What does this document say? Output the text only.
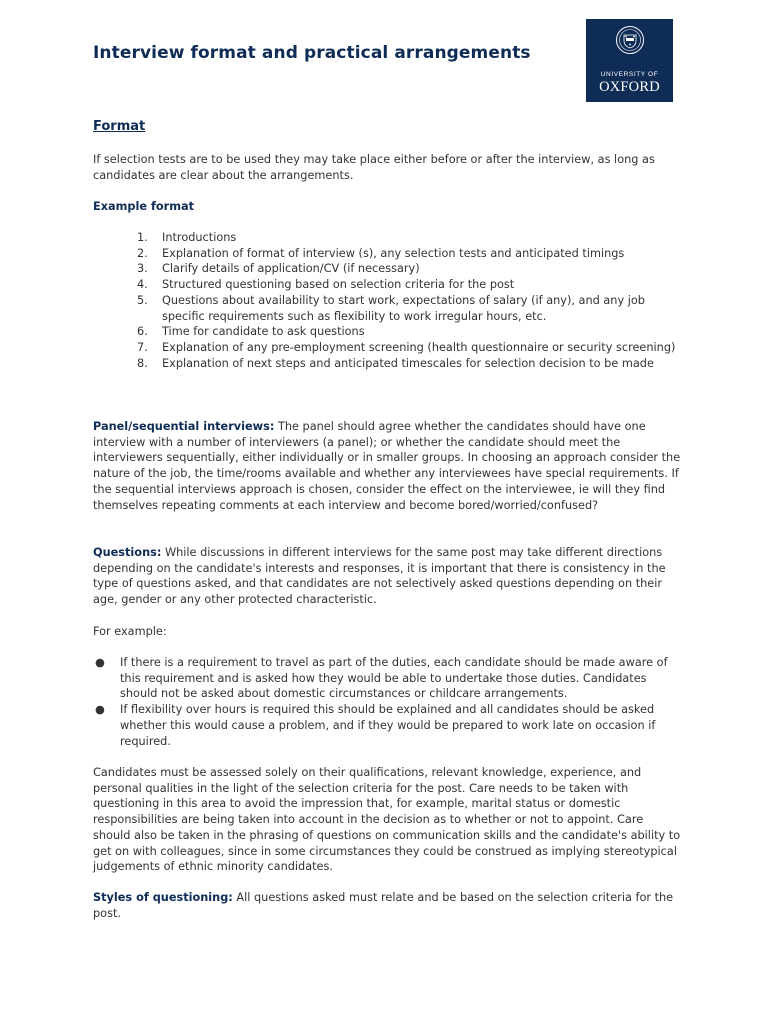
Interview format and practical arrangements
UNIVERSITY OF
OXFORD
Format

If selection tests are to be used they may take place either before or after the interview, as long as candidates are clear about the arrangements.

Example format
1. Introductions
2. Explanation of format of interview (s), any selection tests and anticipated timings
3. Clarify details of application/CV (if necessary)
4. Structured questioning based on selection criteria for the post
5. Questions about availability to start work, expectations of salary (if any), and any job specific requirements such as flexibility to work irregular hours, etc.
6. Time for candidate to ask questions
7. Explanation of any pre-employment screening (health questionnaire or security screening)
8. Explanation of next steps and anticipated timescales for selection decision to be made

Panel/sequential interviews: The panel should agree whether the candidates should have one interview with a number of interviewers (a panel); or whether the candidate should meet the interviewers sequentially, either individually or in smaller groups. In choosing an approach consider the nature of the job, the time/rooms available and whether any interviewees have special requirements. If the sequential interviews approach is chosen, consider the effect on the interviewee, ie will they find themselves repeating comments at each interview and become bored/worried/confused?

Questions: While discussions in different interviews for the same post may take different directions depending on the candidate's interests and responses, it is important that there is consistency in the type of questions asked, and that candidates are not selectively asked questions depending on their age, gender or any other protected characteristic.

For example:

● If there is a requirement to travel as part of the duties, each candidate should be made aware of this requirement and is asked how they would be able to undertake those duties. Candidates should not be asked about domestic circumstances or childcare arrangements.
● If flexibility over hours is required this should be explained and all candidates should be asked whether this would cause a problem, and if they would be prepared to work late on occasion if required.

Candidates must be assessed solely on their qualifications, relevant knowledge, experience, and personal qualities in the light of the selection criteria for the post. Care needs to be taken with questioning in this area to avoid the impression that, for example, marital status or domestic responsibilities are being taken into account in the decision as to whether or not to appoint. Care should also be taken in the phrasing of questions on communication skills and the candidate's ability to get on with colleagues, since in some circumstances they could be construed as implying stereotypical judgements of ethnic minority candidates.

Styles of questioning: All questions asked must relate and be based on the selection criteria for the post.
